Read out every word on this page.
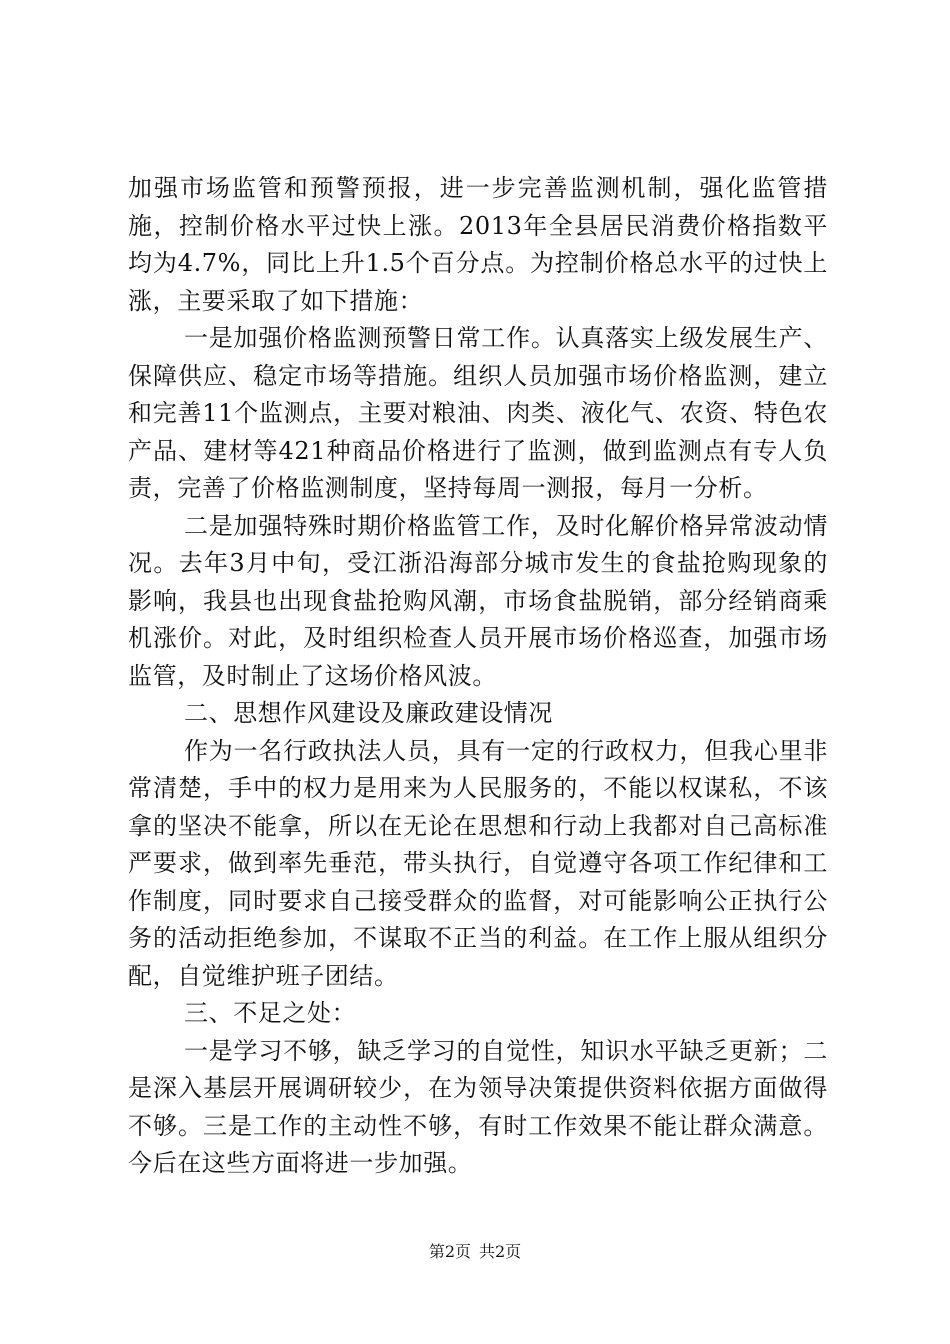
加强市场监管和预警预报，进一步完善监测机制，强化监管措施，控制价格水平过快上涨。2013年全县居民消费价格指数平均为4.7%，同比上升1.5个百分点。为控制价格总水平的过快上涨，主要采取了如下措施：

一是加强价格监测预警日常工作。认真落实上级发展生产、保障供应、稳定市场等措施。组织人员加强市场价格监测，建立和完善11个监测点，主要对粮油、肉类、液化气、农资、特色农产品、建材等421种商品价格进行了监测，做到监测点有专人负责，完善了价格监测制度，坚持每周一测报，每月一分析。

二是加强特殊时期价格监管工作，及时化解价格异常波动情况。去年3月中旬，受江浙沿海部分城市发生的食盐抢购现象的影响，我县也出现食盐抢购风潮，市场食盐脱销，部分经销商乘机涨价。对此，及时组织检查人员开展市场价格巡查，加强市场监管，及时制止了这场价格风波。

二、思想作风建设及廉政建设情况

作为一名行政执法人员，具有一定的行政权力，但我心里非常清楚，手中的权力是用来为人民服务的，不能以权谋私，不该拿的坚决不能拿，所以在无论在思想和行动上我都对自己高标准严要求，做到率先垂范，带头执行，自觉遵守各项工作纪律和工作制度，同时要求自己接受群众的监督，对可能影响公正执行公务的活动拒绝参加，不谋取不正当的利益。在工作上服从组织分配，自觉维护班子团结。

三、不足之处：

一是学习不够，缺乏学习的自觉性，知识水平缺乏更新；二是深入基层开展调研较少，在为领导决策提供资料依据方面做得不够。三是工作的主动性不够，有时工作效果不能让群众满意。今后在这些方面将进一步加强。

第2页 共2页
